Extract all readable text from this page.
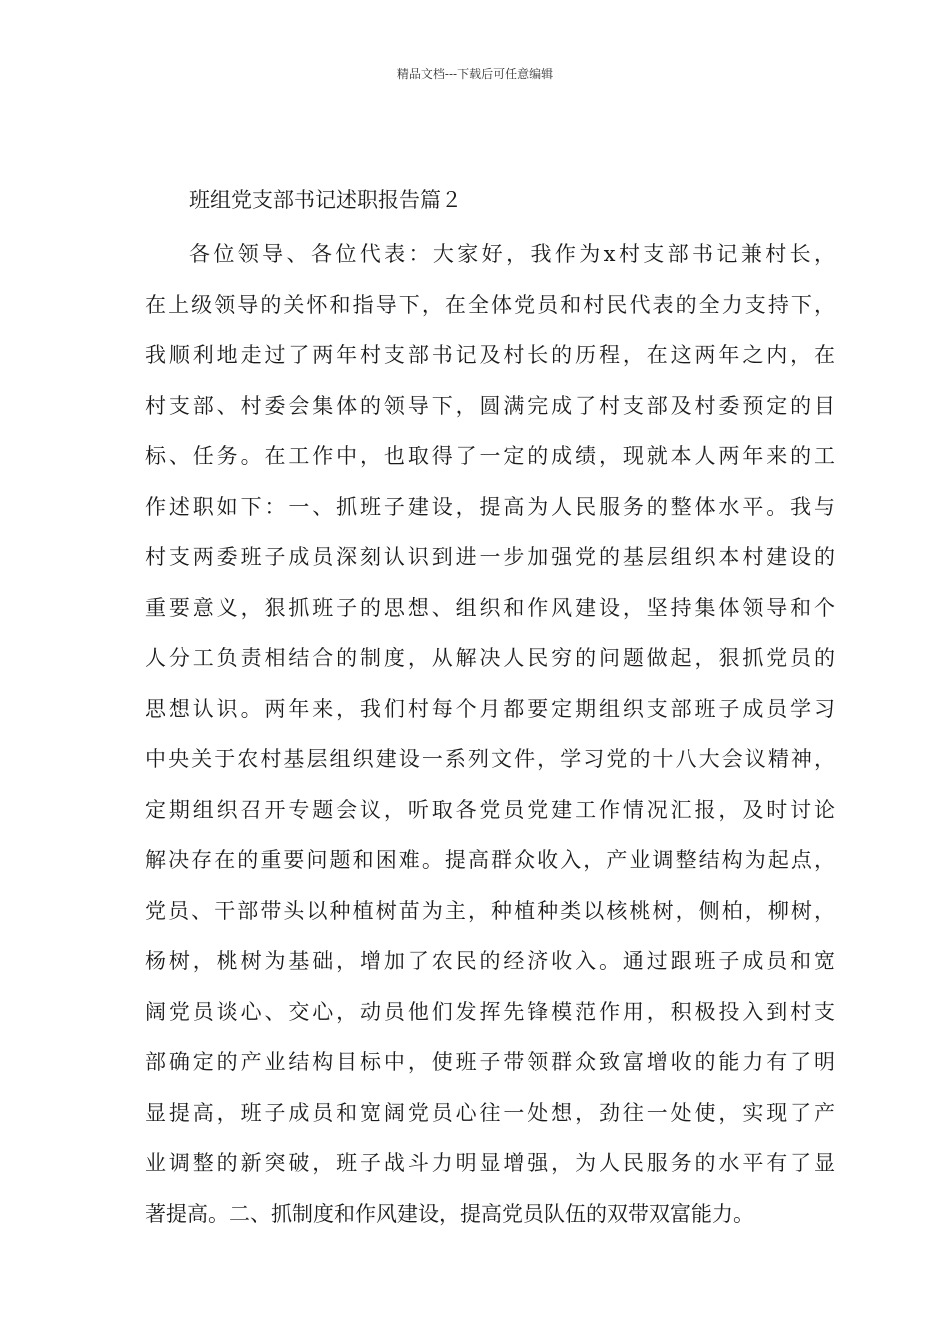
精品文档---下载后可任意编辑
班组党支部书记述职报告篇２
各位领导、各位代表：大家好，我作为x村支部书记兼村长，
在上级领导的关怀和指导下，在全体党员和村民代表的全力支持下，
我顺利地走过了两年村支部书记及村长的历程，在这两年之内，在
村支部、村委会集体的领导下，圆满完成了村支部及村委预定的目
标、任务。在工作中，也取得了一定的成绩，现就本人两年来的工
作述职如下：一、抓班子建设，提高为人民服务的整体水平。我与
村支两委班子成员深刻认识到进一步加强党的基层组织本村建设的
重要意义，狠抓班子的思想、组织和作风建设，坚持集体领导和个
人分工负责相结合的制度，从解决人民穷的问题做起，狠抓党员的
思想认识。两年来，我们村每个月都要定期组织支部班子成员学习
中央关于农村基层组织建设一系列文件，学习党的十八大会议精神，
定期组织召开专题会议，听取各党员党建工作情况汇报，及时讨论
解决存在的重要问题和困难。提高群众收入，产业调整结构为起点，
党员、干部带头以种植树苗为主，种植种类以核桃树，侧柏，柳树，
杨树，桃树为基础，增加了农民的经济收入。通过跟班子成员和宽
阔党员谈心、交心，动员他们发挥先锋模范作用，积极投入到村支
部确定的产业结构目标中，使班子带领群众致富增收的能力有了明
显提高，班子成员和宽阔党员心往一处想，劲往一处使，实现了产
业调整的新突破，班子战斗力明显增强，为人民服务的水平有了显
著提高。二、抓制度和作风建设，提高党员队伍的双带双富能力。
